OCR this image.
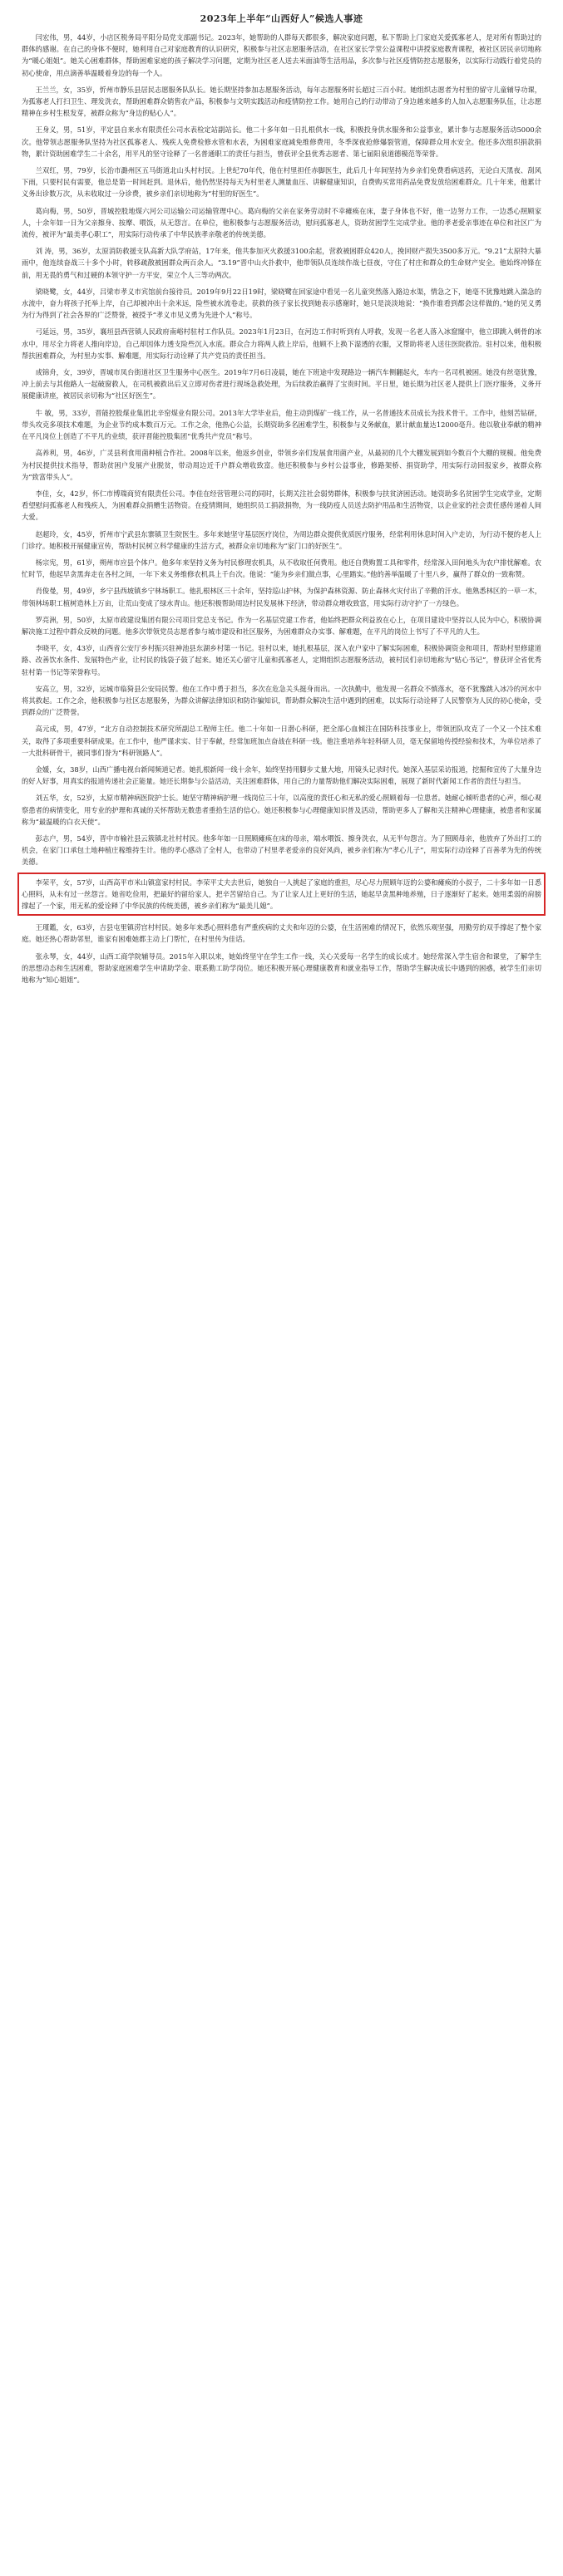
2023年上半年“山西好人”候选人事迹

闫宏伟，男，44岁，小店区税务局平阳分局党支部副书记。2023年，她帮助的人群每天都很多，解决家庭问题，私下帮助上门家庭关爱孤寡老人，是对所有帮助过的群体的感谢。在自己的身体不便时，她利用自己对家庭教育的认识研究，积极参与社区志愿服务活动，在社区家长学堂公益课程中讲授家庭教育课程，被社区居民亲切地称为“暖心姐姐”。她关心困难群体，帮助困难家庭的孩子解决学习问题，定期为社区老人送去米面油等生活用品，多次参与社区疫情防控志愿服务，以实际行动践行着党员的初心使命，用点滴善举温暖着身边的每一个人。

王兰兰，女，35岁，忻州市静乐县居民志愿服务队队长。她长期坚持参加志愿服务活动，每年志愿服务时长超过三百小时。她组织志愿者为村里的留守儿童辅导功课，为孤寡老人打扫卫生、理发洗衣，帮助困难群众销售农产品，积极参与文明实践活动和疫情防控工作。她用自己的行动带动了身边越来越多的人加入志愿服务队伍，让志愿精神在乡村生根发芽，被群众称为“身边的贴心人”。

王身义，男，51岁，平定县自来水有限责任公司水表检定站副站长。他二十多年如一日扎根供水一线，积极投身供水服务和公益事业，累计参与志愿服务活动5000余次。他带领志愿服务队坚持为社区孤寡老人、残疾人免费检修水管和水表，为困难家庭减免维修费用，冬季深夜抢修爆裂管道，保障群众用水安全。他还多次组织捐款捐物，累计资助困难学生二十余名，用平凡的坚守诠释了一名普通职工的责任与担当，曾获评全县优秀志愿者、第七届阳泉道德模范等荣誉。

兰双红，男，79岁，长治市潞州区五马街道北山头村村民。上世纪70年代，他在村里担任赤脚医生，此后几十年间坚持为乡亲们免费看病送药，无论白天黑夜、刮风下雨，只要村民有需要，他总是第一时间赶到。退休后，他仍然坚持每天为村里老人测量血压、讲解健康知识，自费购买常用药品免费发放给困难群众。几十年来，他累计义务出诊数万次，从未收取过一分诊费，被乡亲们亲切地称为“村里的好医生”。

葛向梅，男，50岁，晋城控股地煤六河公司运输公司运输管理中心。葛向梅的父亲在家务劳动时不幸瘫痪在床，妻子身体也不好，他一边努力工作，一边悉心照顾家人，十余年如一日为父亲擦身、按摩、喂饭，从无怨言。在单位，他积极参与志愿服务活动，慰问孤寡老人，资助贫困学生完成学业。他的孝老爱亲事迹在单位和社区广为流传，被评为“最美孝心职工”，用实际行动传承了中华民族孝亲敬老的传统美德。

刘 涛，男，36岁，太原消防救援支队高新大队学府站，17年来，他共参加灭火救援3100余起，营救被困群众420人，挽回财产损失3500多万元。“9.21”太原特大暴雨中，他连续奋战三十多个小时，转移疏散被困群众两百余人。“3.19”晋中山火扑救中，他带领队员连续作战七昼夜，守住了村庄和群众的生命财产安全。他始终冲锋在前，用无畏的勇气和过硬的本领守护一方平安，荣立个人三等功两次。

梁晓鹭，女，44岁，吕梁市孝义市宾馆前台接待员。2019年9月22日19时，梁晓鹭在回家途中看见一名儿童突然落入路边水渠，情急之下，她毫不犹豫地跳入湍急的水流中，奋力将孩子托举上岸，自己却被冲出十余米远，险些被水流卷走。获救的孩子家长找到她表示感谢时，她只是淡淡地说：“换作谁看到都会这样做的。”她的见义勇为行为得到了社会各界的广泛赞誉，被授予“孝义市见义勇为先进个人”称号。

弓延远，男，35岁，襄垣县西营镇人民政府南峪村驻村工作队员。2023年1月23日，在河边工作时听到有人呼救，发现一名老人落入冰窟窿中，他立即跳入刺骨的冰水中，用尽全力将老人推向岸边，自己却因体力透支险些沉入水底。群众合力将两人救上岸后，他顾不上换下湿透的衣服，又帮助将老人送往医院救治。驻村以来，他积极帮扶困难群众，为村里办实事、解难题，用实际行动诠释了共产党员的责任担当。

成锦舟，女，39岁，晋城市凤台街道社区卫生服务中心医生。2019年7月6日凌晨，她在下班途中发现路边一辆汽车侧翻起火，车内一名司机被困。她没有丝毫犹豫，冲上前去与其他路人一起破窗救人，在司机被救出后又立即对伤者进行现场急救处理，为后续救治赢得了宝贵时间。平日里，她长期为社区老人提供上门医疗服务，义务开展健康讲座，被居民亲切称为“社区好医生”。

牛 敏，男，33岁，晋能控股煤业集团北辛窑煤业有限公司。2013年大学毕业后，他主动到煤矿一线工作，从一名普通技术员成长为技术骨干。工作中，他刻苦钻研，带头攻克多项技术难题，为企业节约成本数百万元。工作之余，他热心公益，长期资助多名困难学生，积极参与义务献血，累计献血量达12000毫升。他以敬业奉献的精神在平凡岗位上创造了不平凡的业绩，获评晋能控股集团“优秀共产党员”称号。

高养利，男，46岁，广灵县利食用菌种植合作社。2008年以来，他返乡创业，带领乡亲们发展食用菌产业，从最初的几个大棚发展到如今数百个大棚的规模。他免费为村民提供技术指导，帮助贫困户发展产业脱贫，带动周边近千户群众增收致富。他还积极参与乡村公益事业，修路架桥、捐资助学，用实际行动回报家乡，被群众称为“致富带头人”。

李佳，女，42岁，怀仁市博瑞商贸有限责任公司。李佳在经营管理公司的同时，长期关注社会弱势群体，积极参与扶贫济困活动。她资助多名贫困学生完成学业，定期看望慰问孤寡老人和残疾人，为困难群众捐赠生活物资。在疫情期间，她组织员工捐款捐物，为一线防疫人员送去防护用品和生活物资，以企业家的社会责任感传递着人间大爱。

赵超玲，女，45岁，忻州市宁武县东寨镇卫生院医生。多年来她坚守基层医疗岗位，为周边群众提供优质医疗服务，经常利用休息时间入户走访，为行动不便的老人上门诊疗。她积极开展健康宣传，帮助村民树立科学健康的生活方式，被群众亲切地称为“家门口的好医生”。

杨宗宪，男，61岁，朔州市应县个体户。他多年来坚持义务为村民修理农机具，从不收取任何费用。他还自费购置工具和零件，经常深入田间地头为农户排忧解难。农忙时节，他起早贪黑奔走在各村之间，一年下来义务维修农机具上千台次。他说：“能为乡亲们做点事，心里踏实。”他的善举温暖了十里八乡，赢得了群众的一致称赞。

肖俊曼，男，49岁，乡宁县西坡镇乡宁林场职工。他扎根林区三十余年，坚持巡山护林，为保护森林资源、防止森林火灾付出了辛勤的汗水。他熟悉林区的一草一木，带领林场职工植树造林上万亩，让荒山变成了绿水青山。他还积极帮助周边村民发展林下经济，带动群众增收致富，用实际行动守护了一方绿色。

罗亮洲，男，50岁，太原市政建设集团有限公司项目党总支书记。作为一名基层党建工作者，他始终把群众利益放在心上，在项目建设中坚持以人民为中心，积极协调解决施工过程中群众反映的问题。他多次带领党员志愿者参与城市建设和社区服务，为困难群众办实事、解难题，在平凡的岗位上书写了不平凡的人生。

李晓平，女，43岁，山西省公安厅乡村振兴驻神池县东湖乡村第一书记。驻村以来，她扎根基层，深入农户家中了解实际困难，积极协调资金和项目，帮助村里修建道路、改善饮水条件、发展特色产业，让村民的钱袋子鼓了起来。她还关心留守儿童和孤寡老人，定期组织志愿服务活动，被村民们亲切地称为“贴心书记”，曾获评全省优秀驻村第一书记等荣誉称号。

安高立，男，32岁，运城市临猗县公安局民警。他在工作中勇于担当，多次在危急关头挺身而出。一次执勤中，他发现一名群众不慎落水，毫不犹豫跳入冰冷的河水中将其救起。工作之余，他积极参与社区志愿服务，为群众讲解法律知识和防诈骗知识，帮助群众解决生活中遇到的困难，以实际行动诠释了人民警察为人民的初心使命，受到群众的广泛赞誉。

高元成，男，47岁，“北方自动控制技术研究所副总工程师主任。他二十年如一日潜心科研，把全部心血倾注在国防科技事业上，带领团队攻克了一个又一个技术难关，取得了多项重要科研成果。在工作中，他严谨求实、甘于奉献，经常加班加点奋战在科研一线。他注重培养年轻科研人员，毫无保留地传授经验和技术，为单位培养了一大批科研骨干，被同事们誉为“科研领路人”。

金媛，女，38岁，山西广播电视台新闻频道记者。她扎根新闻一线十余年，始终坚持用脚步丈量大地，用镜头记录时代。她深入基层采访报道，挖掘和宣传了大量身边的好人好事，用真实的报道传递社会正能量。她还长期参与公益活动，关注困难群体，用自己的力量帮助他们解决实际困难，展现了新时代新闻工作者的责任与担当。

刘五华，女，52岁，太原市精神病医院护士长。她坚守精神病护理一线岗位三十年，以高度的责任心和无私的爱心照顾着每一位患者。她耐心倾听患者的心声，细心观察患者的病情变化，用专业的护理和真诚的关怀帮助无数患者重拾生活的信心。她还积极参与心理健康知识普及活动，帮助更多人了解和关注精神心理健康，被患者和家属称为“最温暖的白衣天使”。

彭志户，男，54岁，晋中市榆社县云簇镇北社村村民。他多年如一日照顾瘫痪在床的母亲，端水喂饭、擦身洗衣，从无半句怨言。为了照顾母亲，他放弃了外出打工的机会，在家门口承包土地种植庄稼维持生计。他的孝心感动了全村人，也带动了村里孝老爱亲的良好风尚，被乡亲们称为“孝心儿子”，用实际行动诠释了百善孝为先的传统美德。

李荣平，女，57岁，山西高平市米山镇富家村村民。李荣平丈夫去世后，她独自一人挑起了家庭的重担，尽心尽力照顾年迈的公婆和瘫痪的小叔子，二十多年如一日悉心照料，从未有过一丝怨言。她省吃俭用，把最好的留给家人，把辛苦留给自己。为了让家人过上更好的生活，她起早贪黑种地养殖，日子逐渐好了起来。她用柔弱的肩膀撑起了一个家，用无私的爱诠释了中华民族的传统美德，被乡亲们称为“最美儿媳”。

王瑾鑑，女，63岁，吉县屯里镇涝宫村村民。她多年来悉心照料患有严重疾病的丈夫和年迈的公婆，在生活困难的情况下，依然乐观坚强，用勤劳的双手撑起了整个家庭。她还热心帮助邻里，谁家有困难她都主动上门帮忙，在村里传为佳话。

张永琴，女，44岁，山西工商学院辅导员。2015年入职以来，她始终坚守在学生工作一线，关心关爱每一名学生的成长成才。她经常深入学生宿舍和课堂，了解学生的思想动态和生活困难，帮助家庭困难学生申请助学金、联系勤工助学岗位。她还积极开展心理健康教育和就业指导工作，帮助学生解决成长中遇到的困惑，被学生们亲切地称为“知心姐姐”。
